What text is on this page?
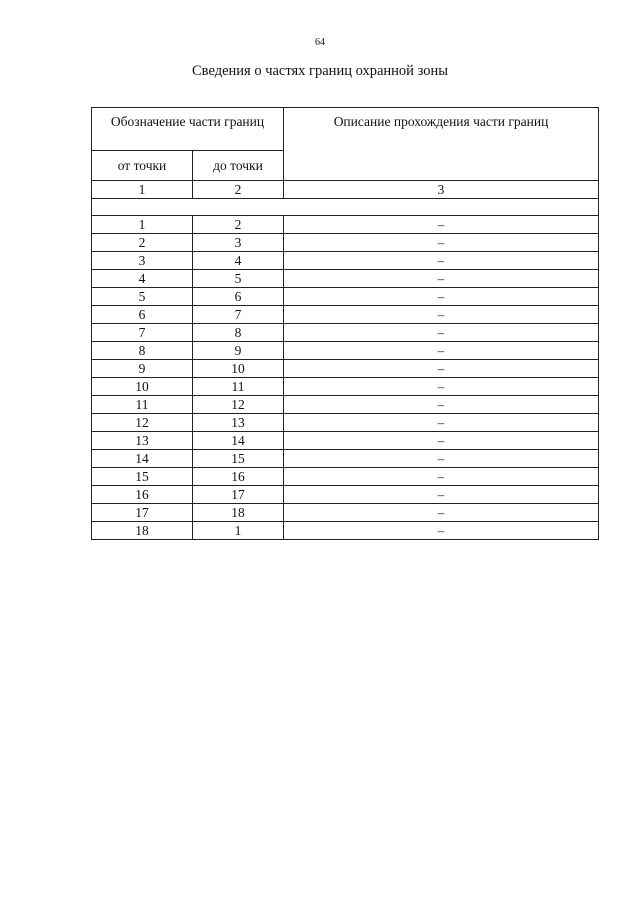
64
Сведения о частях границ охранной зоны
Обозначение части границ		Описание прохождения части границ
от точки	до точки	
1	2	3

1	2	–
2	3	–
3	4	–
4	5	–
5	6	–
6	7	–
7	8	–
8	9	–
9	10	–
10	11	–
11	12	–
12	13	–
13	14	–
14	15	–
15	16	–
16	17	–
17	18	–
18	1	–
